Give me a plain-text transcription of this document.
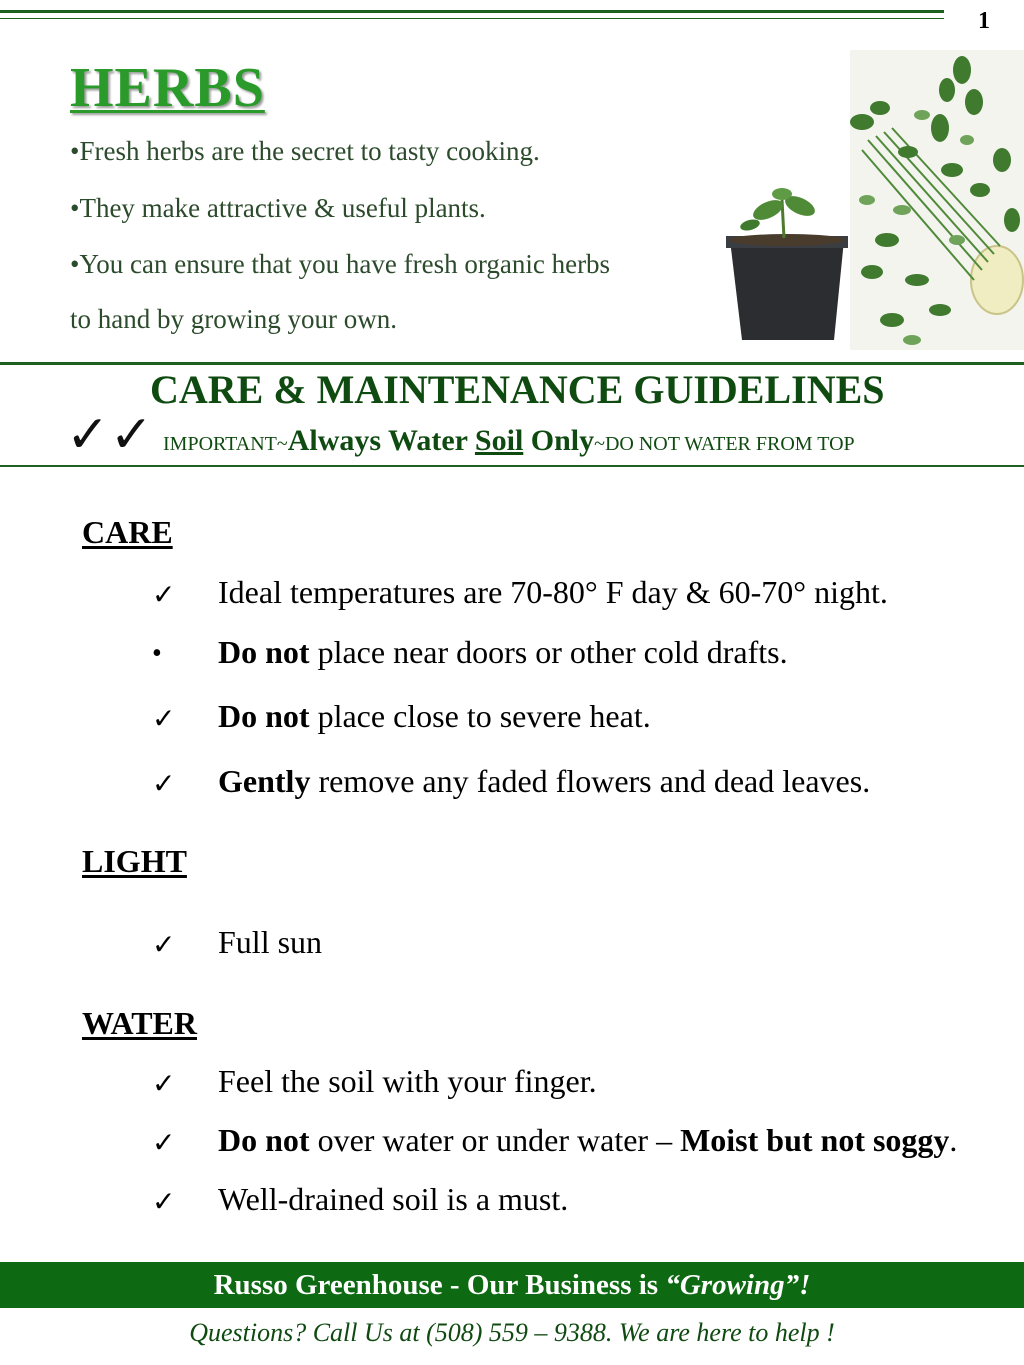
1
HERBS
•Fresh herbs are the secret to tasty cooking.
•They make attractive & useful plants.
•You can ensure that you have fresh organic herbs
to hand by growing your own.
CARE & MAINTENANCE GUIDELINES
✓✓ IMPORTANT~Always Water Soil Only~DO NOT WATER FROM TOP
CARE
✓ Ideal temperatures are 70-80° F day & 60-70° night.
• Do not place near doors or other cold drafts.
✓ Do not place close to severe heat.
✓ Gently remove any faded flowers and dead leaves.
LIGHT
✓ Full sun
WATER
✓ Feel the soil with your finger.
✓ Do not over water or under water – Moist but not soggy.
✓ Well-drained soil is a must.
Russo Greenhouse - Our Business is “Growing”!
Questions? Call Us at (508) 559 – 9388. We are here to help !
